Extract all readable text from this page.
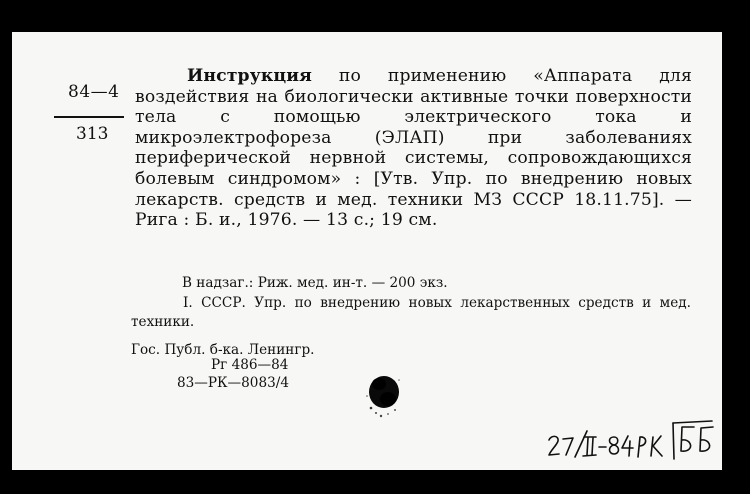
84—4
313
Инструкция по применению «Аппарата для воздействия на биологически активные точки поверхности тела с помощью электрического тока и микроэлектрофореза (ЭЛАП) при заболеваниях периферической нервной системы, сопровождающихся болевым синдромом» : [Утв. Упр. по внедрению новых лекарств. средств и мед. техники МЗ СССР 18.11.75]. — Рига : Б. и., 1976. — 13 с.; 19 см.
В надзаг.: Риж. мед. ин-т. — 200 экз.
I. СССР. Упр. по внедрению новых лекарственных средств и мед. техники.
Гос. Публ. б-ка. Ленингр.
Рг 486—84
83—РК—8083/4
